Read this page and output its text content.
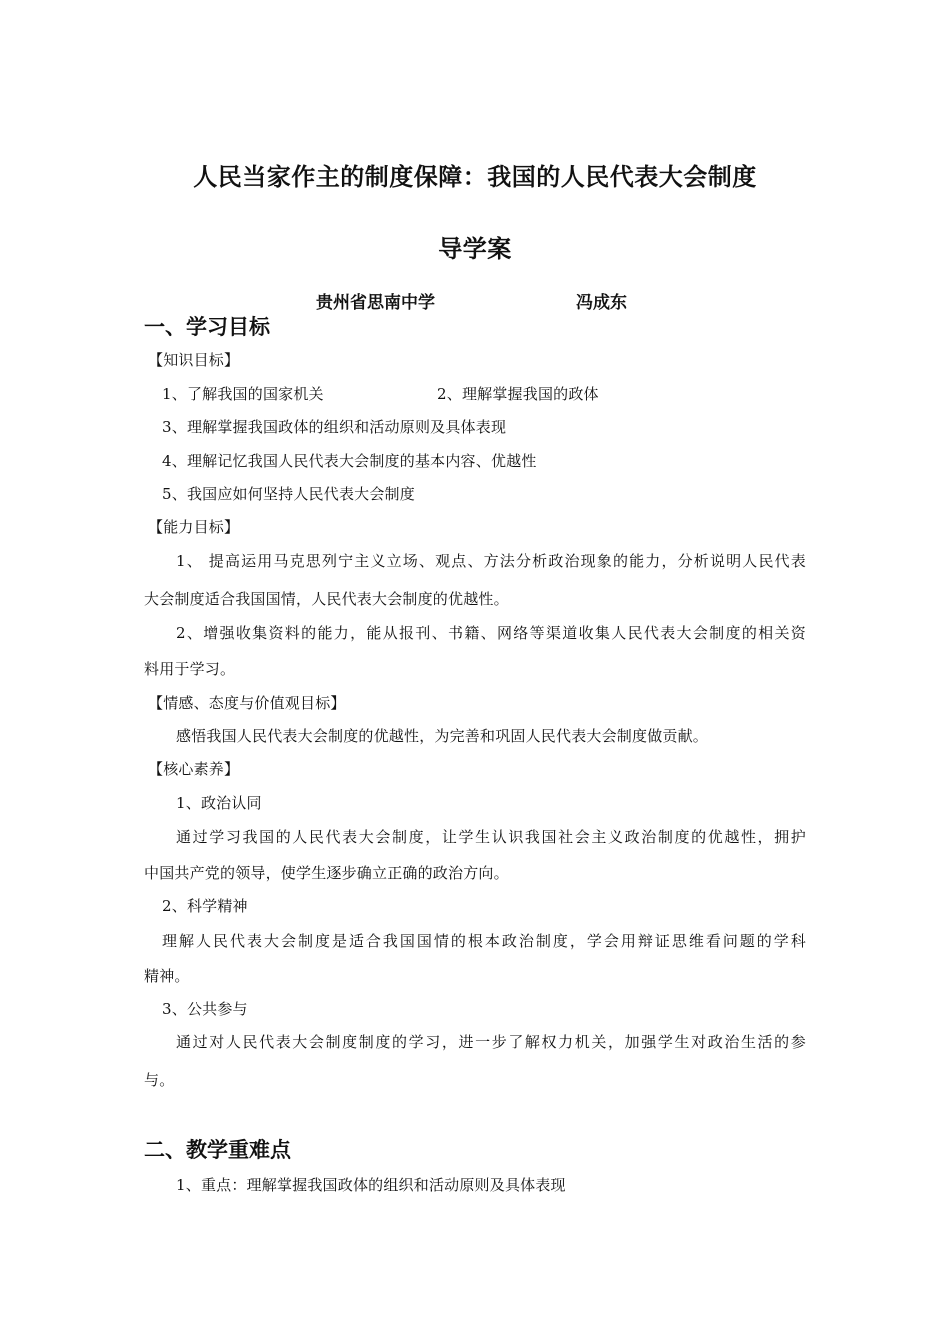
人民当家作主的制度保障：我国的人民代表大会制度
导学案
贵州省思南中学	冯成东
一、学习目标
【知识目标】
1、了解我国的国家机关	2、理解掌握我国的政体
3、理解掌握我国政体的组织和活动原则及具体表现
4、理解记忆我国人民代表大会制度的基本内容、优越性
5、我国应如何坚持人民代表大会制度
【能力目标】
1、 提高运用马克思列宁主义立场、观点、方法分析政治现象的能力，分析说明人民代表
大会制度适合我国国情，人民代表大会制度的优越性。
2、增强收集资料的能力，能从报刊、书籍、网络等渠道收集人民代表大会制度的相关资
料用于学习。
【情感、态度与价值观目标】
感悟我国人民代表大会制度的优越性，为完善和巩固人民代表大会制度做贡献。
【核心素养】
1、政治认同
通过学习我国的人民代表大会制度，让学生认识我国社会主义政治制度的优越性，拥护
中国共产党的领导，使学生逐步确立正确的政治方向。
2、科学精神
理解人民代表大会制度是适合我国国情的根本政治制度，学会用辩证思维看问题的学科
精神。
3、公共参与
通过对人民代表大会制度制度的学习，进一步了解权力机关，加强学生对政治生活的参
与。
二、教学重难点
1、重点：理解掌握我国政体的组织和活动原则及具体表现
